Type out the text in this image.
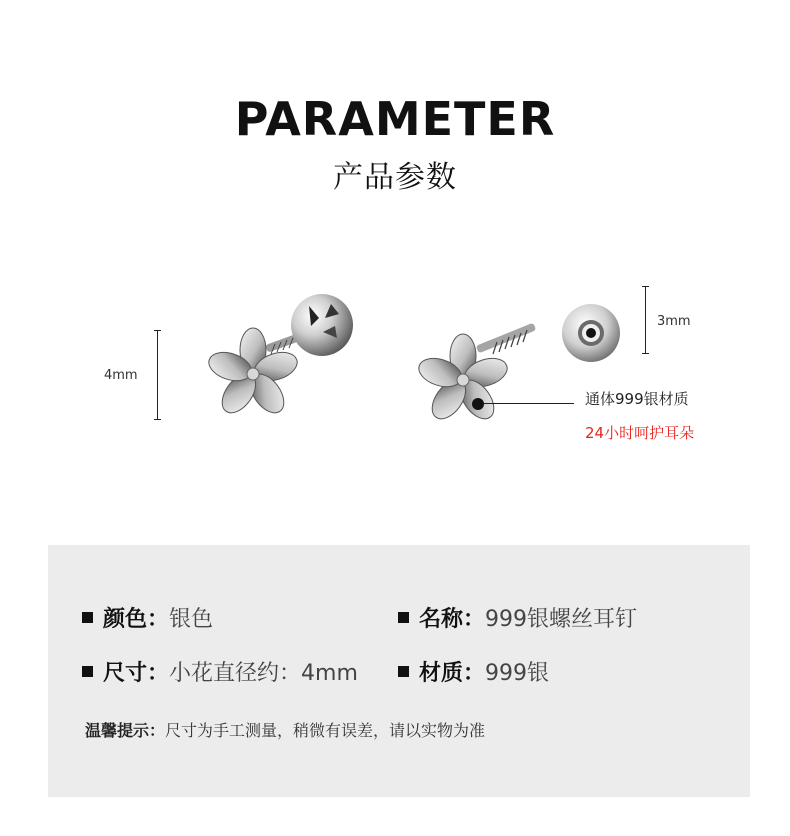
PARAMETER
产品参数
4mm
3mm
通体999银材质
24小时呵护耳朵
颜色：银色	名称：999银螺丝耳钉
尺寸：小花直径约：4mm	材质：999银
温馨提示：尺寸为手工测量，稍微有误差，请以实物为准
